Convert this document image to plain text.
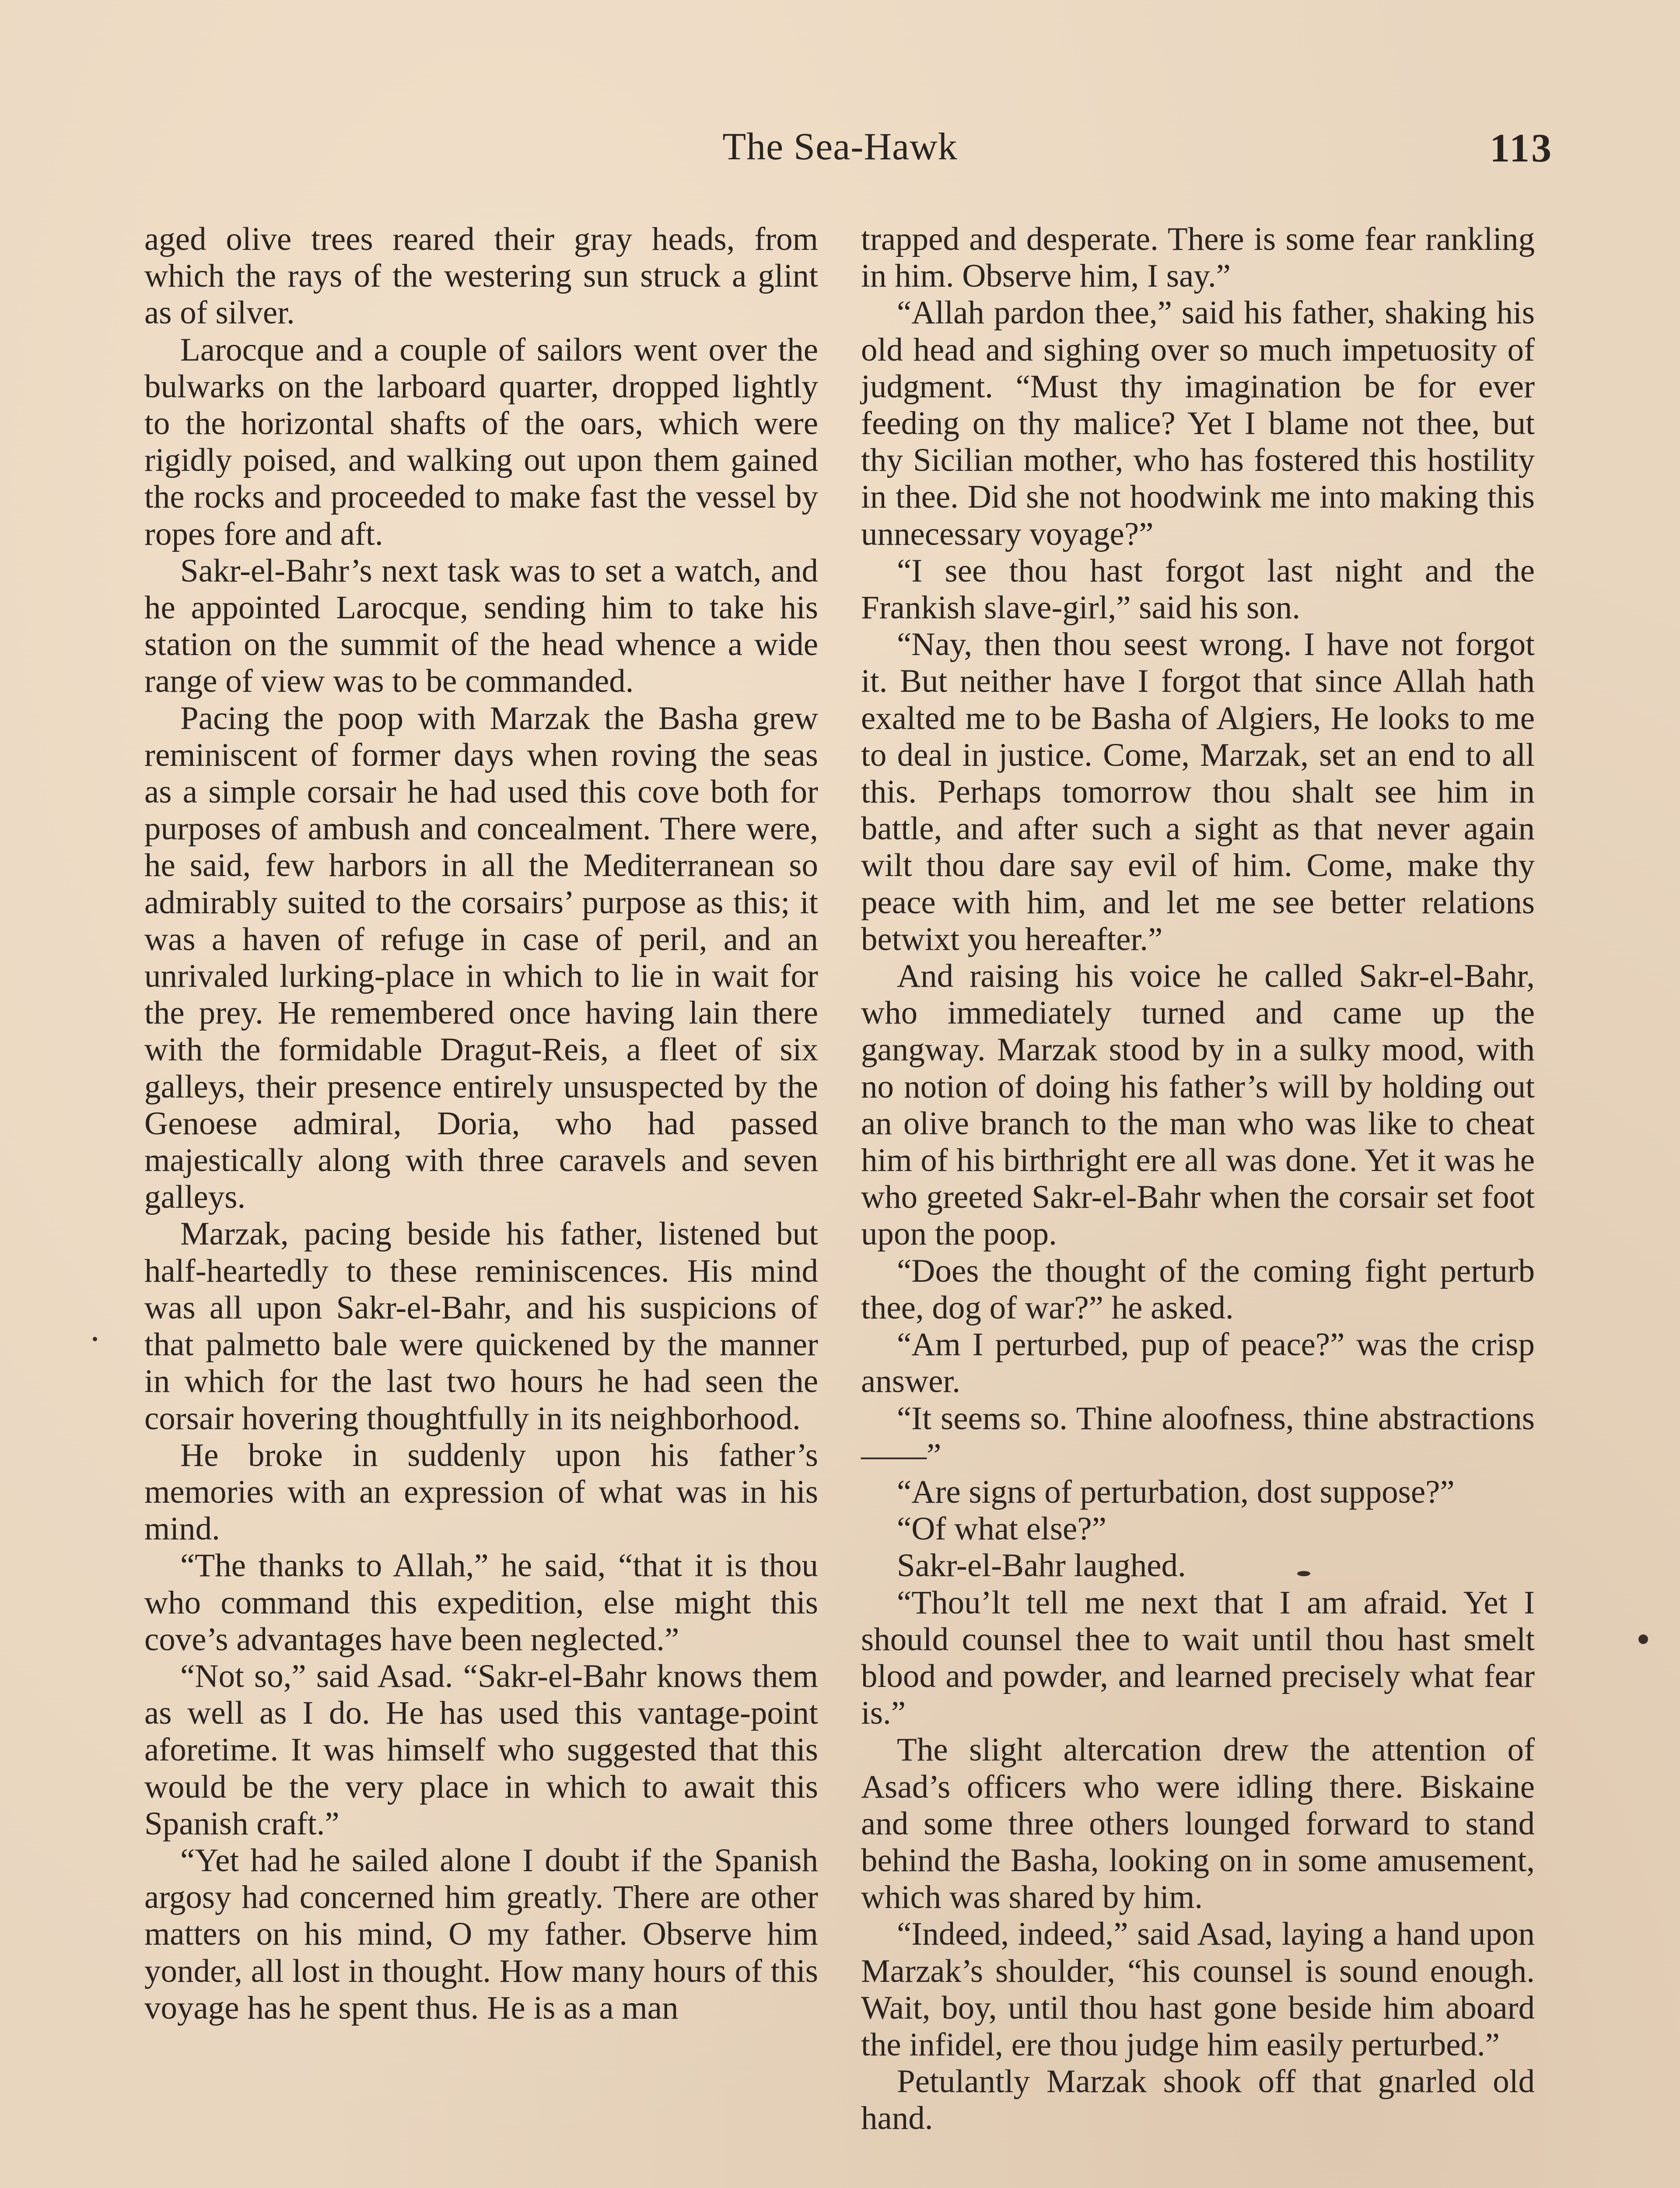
The Sea-Hawk	113

aged olive trees reared their gray heads, from which the rays of the westering sun struck a glint as of silver.

Larocque and a couple of sailors went over the bulwarks on the larboard quarter, dropped lightly to the horizontal shafts of the oars, which were rigidly poised, and walking out upon them gained the rocks and proceeded to make fast the vessel by ropes fore and aft.

Sakr-el-Bahr’s next task was to set a watch, and he appointed Larocque, sending him to take his station on the summit of the head whence a wide range of view was to be commanded.

Pacing the poop with Marzak the Basha grew reminiscent of former days when roving the seas as a simple corsair he had used this cove both for purposes of ambush and concealment. There were, he said, few harbors in all the Mediterranean so admirably suited to the corsairs’ purpose as this; it was a haven of refuge in case of peril, and an unrivaled lurking-place in which to lie in wait for the prey. He remembered once having lain there with the formidable Dragut-Reis, a fleet of six galleys, their presence entirely unsuspected by the Genoese admiral, Doria, who had passed majestically along with three caravels and seven galleys.

Marzak, pacing beside his father, listened but half-heartedly to these reminiscences. His mind was all upon Sakr-el-Bahr, and his suspicions of that palmetto bale were quickened by the manner in which for the last two hours he had seen the corsair hovering thoughtfully in its neighborhood.

He broke in suddenly upon his father’s memories with an expression of what was in his mind.

“The thanks to Allah,” he said, “that it is thou who command this expedition, else might this cove’s advantages have been neglected.”

“Not so,” said Asad. “Sakr-el-Bahr knows them as well as I do. He has used this vantage-point aforetime. It was himself who suggested that this would be the very place in which to await this Spanish craft.”

“Yet had he sailed alone I doubt if the Spanish argosy had concerned him greatly. There are other matters on his mind, O my father. Observe him yonder, all lost in thought. How many hours of this voyage has he spent thus. He is as a man

trapped and desperate. There is some fear rankling in him. Observe him, I say.”

“Allah pardon thee,” said his father, shaking his old head and sighing over so much impetuosity of judgment. “Must thy imagination be for ever feeding on thy malice? Yet I blame not thee, but thy Sicilian mother, who has fostered this hostility in thee. Did she not hoodwink me into making this unnecessary voyage?”

“I see thou hast forgot last night and the Frankish slave-girl,” said his son.

“Nay, then thou seest wrong. I have not forgot it. But neither have I forgot that since Allah hath exalted me to be Basha of Algiers, He looks to me to deal in justice. Come, Marzak, set an end to all this. Perhaps tomorrow thou shalt see him in battle, and after such a sight as that never again wilt thou dare say evil of him. Come, make thy peace with him, and let me see better relations betwixt you hereafter.”

And raising his voice he called Sakr-el-Bahr, who immediately turned and came up the gangway. Marzak stood by in a sulky mood, with no notion of doing his father’s will by holding out an olive branch to the man who was like to cheat him of his birthright ere all was done. Yet it was he who greeted Sakr-el-Bahr when the corsair set foot upon the poop.

“Does the thought of the coming fight perturb thee, dog of war?” he asked.

“Am I perturbed, pup of peace?” was the crisp answer.

“It seems so. Thine aloofness, thine abstractions——”

“Are signs of perturbation, dost suppose?”

“Of what else?”

Sakr-el-Bahr laughed.

“Thou’lt tell me next that I am afraid. Yet I should counsel thee to wait until thou hast smelt blood and powder, and learned precisely what fear is.”

The slight altercation drew the attention of Asad’s officers who were idling there. Biskaine and some three others lounged forward to stand behind the Basha, looking on in some amusement, which was shared by him.

“Indeed, indeed,” said Asad, laying a hand upon Marzak’s shoulder, “his counsel is sound enough. Wait, boy, until thou hast gone beside him aboard the infidel, ere thou judge him easily perturbed.”

Petulantly Marzak shook off that gnarled old hand.
